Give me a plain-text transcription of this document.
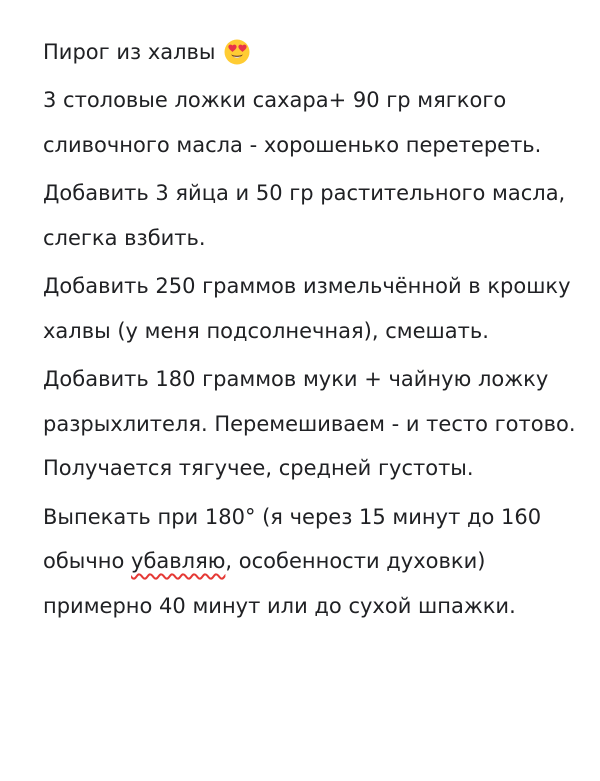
Пирог из халвы
3 столовые ложки сахара+ 90 гр мягкого сливочного масла - хорошенько перетереть.
Добавить 3 яйца и 50 гр растительного масла, слегка взбить.
Добавить 250 граммов измельчённой в крошку халвы (у меня подсолнечная), смешать.
Добавить 180 граммов муки + чайную ложку разрыхлителя. Перемешиваем - и тесто готово. Получается тягучее, средней густоты.
Выпекать при 180° (я через 15 минут до 160 обычно убавляю, особенности духовки) примерно 40 минут или до сухой шпажки.
